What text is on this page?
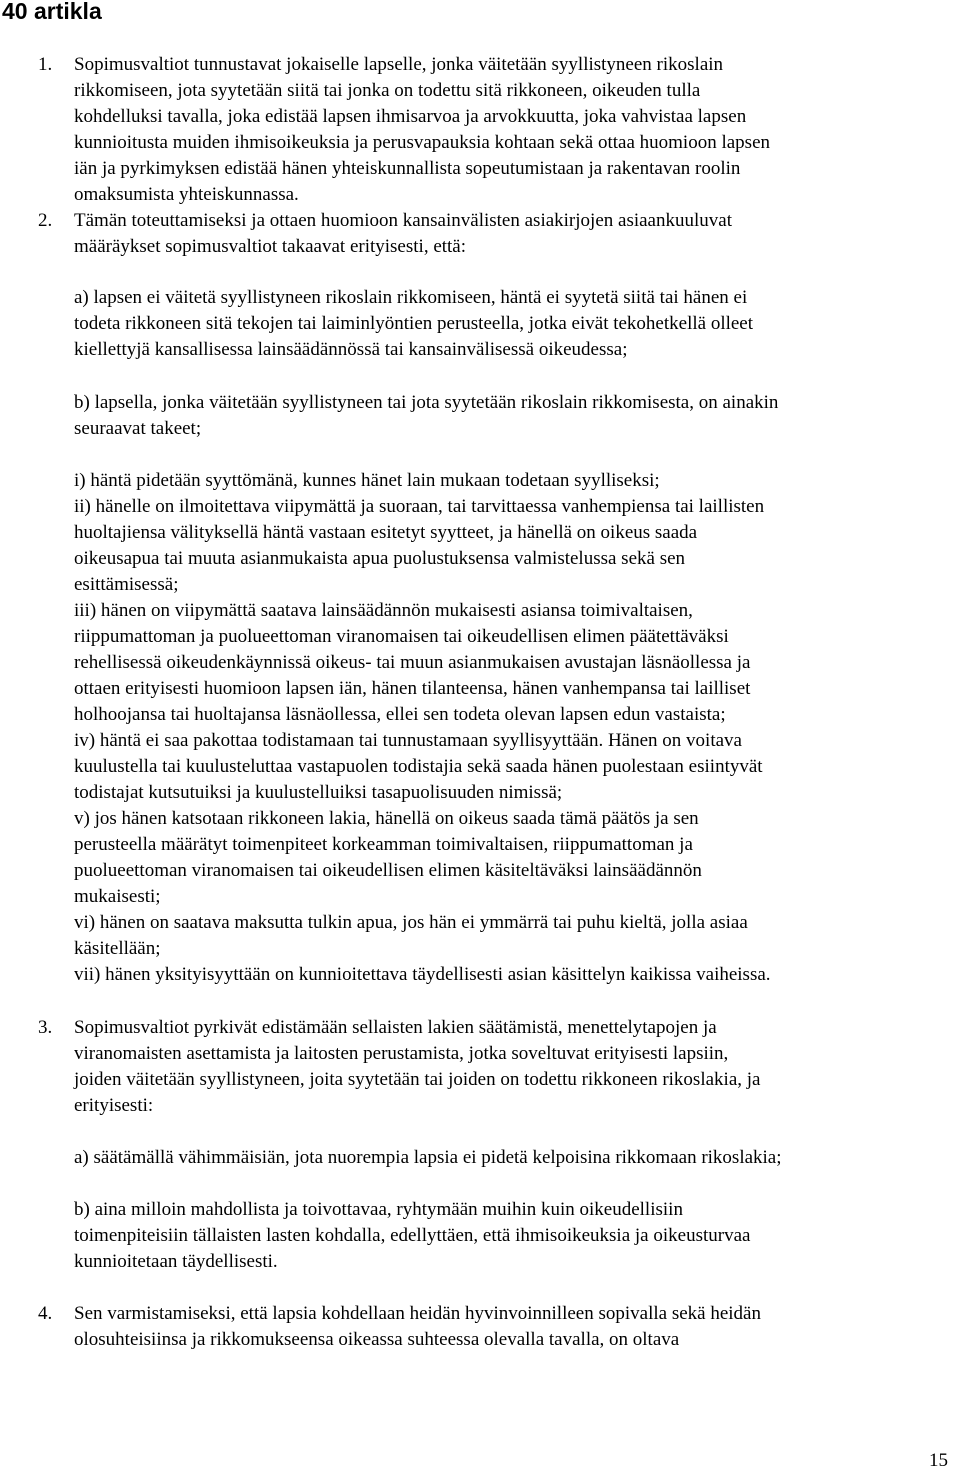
40 artikla
1. Sopimusvaltiot tunnustavat jokaiselle lapselle, jonka väitetään syyllistyneen rikoslain
rikkomiseen, jota syytetään siitä tai jonka on todettu sitä rikkoneen, oikeuden tulla
kohdelluksi tavalla, joka edistää lapsen ihmisarvoa ja arvokkuutta, joka vahvistaa lapsen
kunnioitusta muiden ihmisoikeuksia ja perusvapauksia kohtaan sekä ottaa huomioon lapsen
iän ja pyrkimyksen edistää hänen yhteiskunnallista sopeutumistaan ja rakentavan roolin
omaksumista yhteiskunnassa.
2. Tämän toteuttamiseksi ja ottaen huomioon kansainvälisten asiakirjojen asiaankuuluvat
määräykset sopimusvaltiot takaavat erityisesti, että:
a) lapsen ei väitetä syyllistyneen rikoslain rikkomiseen, häntä ei syytetä siitä tai hänen ei
todeta rikkoneen sitä tekojen tai laiminlyöntien perusteella, jotka eivät tekohetkellä olleet
kiellettyjä kansallisessa lainsäädännössä tai kansainvälisessä oikeudessa;
b) lapsella, jonka väitetään syyllistyneen tai jota syytetään rikoslain rikkomisesta, on ainakin
seuraavat takeet;
i) häntä pidetään syyttömänä, kunnes hänet lain mukaan todetaan syylliseksi;
ii) hänelle on ilmoitettava viipymättä ja suoraan, tai tarvittaessa vanhempiensa tai laillisten
huoltajiensa välityksellä häntä vastaan esitetyt syytteet, ja hänellä on oikeus saada
oikeusapua tai muuta asianmukaista apua puolustuksensa valmistelussa sekä sen
esittämisessä;
iii) hänen on viipymättä saatava lainsäädännön mukaisesti asiansa toimivaltaisen,
riippumattoman ja puolueettoman viranomaisen tai oikeudellisen elimen päätettäväksi
rehellisessä oikeudenkäynnissä oikeus- tai muun asianmukaisen avustajan läsnäollessa ja
ottaen erityisesti huomioon lapsen iän, hänen tilanteensa, hänen vanhempansa tai lailliset
holhoojansa tai huoltajansa läsnäollessa, ellei sen todeta olevan lapsen edun vastaista;
iv) häntä ei saa pakottaa todistamaan tai tunnustamaan syyllisyyttään. Hänen on voitava
kuulustella tai kuulusteluttaa vastapuolen todistajia sekä saada hänen puolestaan esiintyvät
todistajat kutsutuiksi ja kuulustelluiksi tasapuolisuuden nimissä;
v) jos hänen katsotaan rikkoneen lakia, hänellä on oikeus saada tämä päätös ja sen
perusteella määrätyt toimenpiteet korkeamman toimivaltaisen, riippumattoman ja
puolueettoman viranomaisen tai oikeudellisen elimen käsiteltäväksi lainsäädännön
mukaisesti;
vi) hänen on saatava maksutta tulkin apua, jos hän ei ymmärrä tai puhu kieltä, jolla asiaa
käsitellään;
vii) hänen yksityisyyttään on kunnioitettava täydellisesti asian käsittelyn kaikissa vaiheissa.
3. Sopimusvaltiot pyrkivät edistämään sellaisten lakien säätämistä, menettelytapojen ja
viranomaisten asettamista ja laitosten perustamista, jotka soveltuvat erityisesti lapsiin,
joiden väitetään syyllistyneen, joita syytetään tai joiden on todettu rikkoneen rikoslakia, ja
erityisesti:
a) säätämällä vähimmäisiän, jota nuorempia lapsia ei pidetä kelpoisina rikkomaan rikoslakia;
b) aina milloin mahdollista ja toivottavaa, ryhtymään muihin kuin oikeudellisiin
toimenpiteisiin tällaisten lasten kohdalla, edellyttäen, että ihmisoikeuksia ja oikeusturvaa
kunnioitetaan täydellisesti.
4. Sen varmistamiseksi, että lapsia kohdellaan heidän hyvinvoinnilleen sopivalla sekä heidän
olosuhteisiinsa ja rikkomukseensa oikeassa suhteessa olevalla tavalla, on oltava
15
